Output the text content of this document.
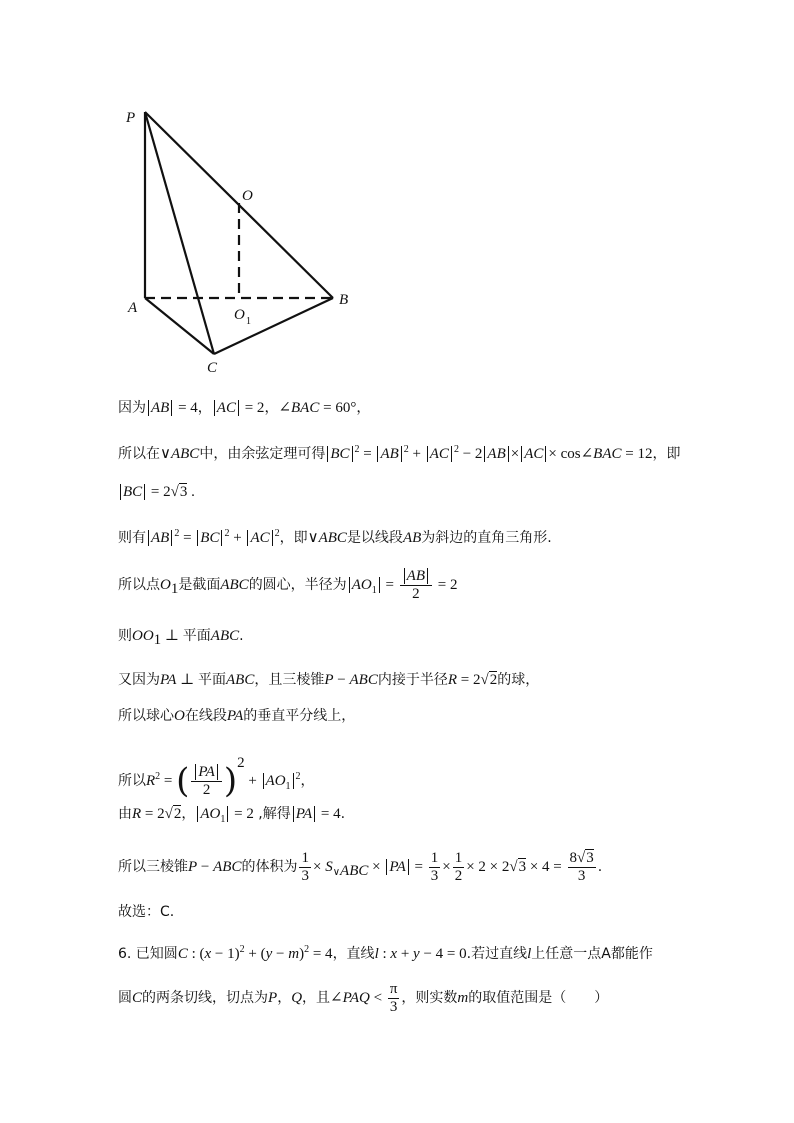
P
O
A	O 1
B
C
因为 AB = 4， AC = 2，∠BAC = 60°，
所以在∨ABC中，由余弦定理可得 BC $^2$ = AB $^2$ + AC $^2$ − 2 AB × AC × cos∠BAC = 12，即
BC = 2√3 .
则有 AB $^2$ = BC $^2$ + AC $^2$，即∨ABC是以线段AB为斜边的直角三角形.
所以点$O_1$是截面ABC的圆心，半径为 $AO_1 = \frac{AB}{2} = 2$
则$OO_1$ ⊥ 平面ABC.
又因为PA ⊥ 平面ABC，且三棱锥P − ABC内接于半径R = 2√2的球，
所以球心O在线段PA的垂直平分线上，
所以$R^2$ = ( $\frac{PA}{2} )^2 + AO_1^2$，
由R = 2√2， $AO_1 = 2$ ,解得 PA = 4.
所以三棱锥P − ABC的体积为 $\frac{1}{3} \times S_{\vee ABC}$ × PA = $\frac{1}{3} \times \frac{1}{2} \times 2 \times 2√3 \times 4 = \frac{8√3}{3}$ .
故选：C.
6. 已知圆C : $(x - 1)^2 + (y - m)^2 = 4$，直线l : x + y − 4 = 0.若过直线l上任意一点A都能作
圆C的两条切线，切点为P，Q，且∠PAQ < $\frac{\pi}{3}$ ，则实数m的取值范围是（　　）
